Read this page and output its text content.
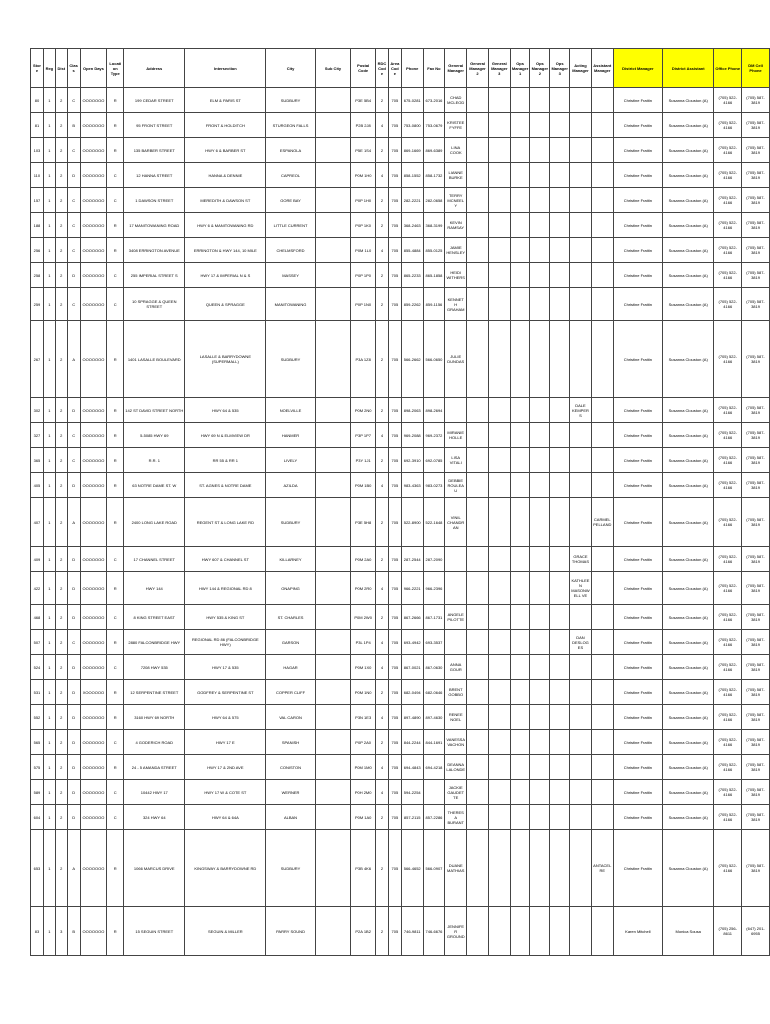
Store	Reg	Dist	Class	Open Days	Location Type	Address	Intersection	City	Sub City	Postal Code	RDC Code	Area Code	Phone	Fax No	General Manager	General Manager 2	General Manager 3	Ops Manager 1	Ops Manager 2	Ops Manager 3	Acting Manager	Assistant Manager	District Manager	District Assistant	Office Phone	DM Cell Phone
80	1	2	C	OOOOOOO	R	199 CEDAR STREET	ELM & PARIS ST	SUDBURY		P3E 5B4	2	705	675-0281	673-2016	CHAD MCLEOD								Christine Frattin	Susanna Clouston (A)	(705) 522-4166	(705) 587-3819
81	1	2	B	OOOOOOO	R	95 FRONT STREET	FRONT & HOLDITCH	STURGEON FALLS		P2B 2J8	4	705	753-0800	753-0679	KRISTEE FYFFE								Christine Frattin	Susanna Clouston (A)	(705) 522-4166	(705) 587-3819
103	1	2	C	OOOOOOO	R	135 BARBER STREET	HWY 6 & BARBER ST	ESPANOLA		P5E 1S4	2	705	869-1669	869-6389	LINA COOK								Christine Frattin	Susanna Clouston (A)	(705) 522-4166	(705) 587-3819
110	1	2	D	OOOOOOO	C	12 HANNA STREET	HANNA & DENNIE	CAPREOL		P0M 1H0	4	705	858-1552	858-1732	LIANNE BURKE								Christine Frattin	Susanna Clouston (A)	(705) 522-4166	(705) 587-3819
157	1	2	C	OOOOOOO	C	1 DAWSON STREET	MEREDITH & DAWSON ST	GORE BAY		P0P 1H0	2	705	282-2221	282-0658	TERRY MCNEELY								Christine Frattin	Susanna Clouston (A)	(705) 522-4166	(705) 587-3819
188	1	2	C	OOOOOOO	R	17 MANITOWANING ROAD	HWY 6 & MANITOWANING RD	LITTLE CURRENT		P0P 1K0	2	705	368-2463	368-3199	KEVIN RAMSAY								Christine Frattin	Susanna Clouston (A)	(705) 522-4166	(705) 587-3819
256	1	2	C	OOOOOOO	R	3408 ERRINGTON AVENUE	ERRINGTON & HWY 144, 10 MILE	CHELMSFORD		P0M 1L0	4	705	855-4884	855-0125	JAMIE HENSLEY								Christine Frattin	Susanna Clouston (A)	(705) 522-4166	(705) 587-3819
258	1	2	D	OOOOOOO	C	255 IMPERIAL STREET S	HWY 17 & IMPERIAL N & S	MASSEY		P0P 1P0	2	705	865-2233	865-1858	HEIDI WITHERS								Christine Frattin	Susanna Clouston (A)	(705) 522-4166	(705) 587-3819
259	1	2	C	OOOOOOO	C	10 SPRAGGE & QUEEN STREET	QUEEN & SPRAGGE	MANITOWANING		P0P 1N0	2	705	859-2262	859-1156	KENNETH GRAHAM								Christine Frattin	Susanna Clouston (A)	(705) 522-4166	(705) 587-3819
267	1	2	A	OOOOOOO	R	1401 LASALLE BOULEVARD	LASALLE & BARRYDOWNE (SUPERMALL)	SUDBURY		P3A 1Z8	2	705	566-2662	566-0650	JULIE DUNDAS								Christine Frattin	Susanna Clouston (A)	(705) 522-4166	(705) 587-3819
302	1	2	D	OOOOOOO	R	142 ST DAVID STREET NORTH	HWY 64 & 535	NOELVILLE		P0M 2N0	2	705	898-2063	898-2694							DALE KEMPERS		Christine Frattin	Susanna Clouston (A)	(705) 522-4166	(705) 587-3819
327	1	2	C	OOOOOOO	R	5-5085 HWY 69	HWY 69 N & ELMVIEW DR	HANMER		P3P 1P7	4	705	969-2088	969-2372	MIRANIE HOLLE								Christine Frattin	Susanna Clouston (A)	(705) 522-4166	(705) 587-3819
365	1	2	C	OOOOOOO	R	R.R. 1	RR 55 & RR 1	LIVELY		P3Y 1J1	2	705	692-3910	692-0785	LISA VITALI								Christine Frattin	Susanna Clouston (A)	(705) 522-4166	(705) 587-3819
405	1	2	D	OOOOOOO	R	63 NOTRE DAME ST. W	ST. AGNES & NOTRE DAME	AZILDA		P0M 1B0	4	705	983-4363	983-0273	DEBBIE ROULEAU								Christine Frattin	Susanna Clouston (A)	(705) 522-4166	(705) 587-3819
407	1	2	A	OOOOOOO	R	2400 LONG LAKE ROAD	REGENT ST & LONG LAKE RD	SUDBURY		P3E 5H8	2	705	522-8900	522-1648	VINIL CHANDRAN							CARMEL PELLAND	Christine Frattin	Susanna Clouston (A)	(705) 522-4166	(705) 587-3819
409	1	2	D	OOOOOOO	C	17 CHANNEL STREET	HWY 607 & CHANNEL ST	KILLARNEY		P0M 2A0	2	705	287-2544	287-2090							GRACE THOMAS		Christine Frattin	Susanna Clouston (A)	(705) 522-4166	(705) 587-3819
422	1	2	D	OOOOOOO	R	HWY 144	HWY 144 & REGIONAL RD 8	ONAPING		P0M 2R0	4	705	966-2221	966-2396							KATHLEEN MASONWELL VE		Christine Frattin	Susanna Clouston (A)	(705) 522-4166	(705) 587-3819
468	1	2	D	OOOOOOO	C	8 KING STREET EAST	HWY 535 & KING ST	ST. CHARLES		P0M 2W0	2	705	867-2666	867-1731	ANGELE PILOTTE								Christine Frattin	Susanna Clouston (A)	(705) 522-4166	(705) 587-3819
507	1	2	C	OOOOOOO	R	2880 FALCONBRIDGE HWY	REGIONAL RD 86 (FALCONBRIDGE HWY)	GARSON		P3L 1P4	4	705	693-4942	693-3537							DAN DESLOGES		Christine Frattin	Susanna Clouston (A)	(705) 522-4166	(705) 587-3819
524	1	2	D	OOOOOOO	C	7208 HWY 535	HWY 17 & 535	HAGAR		P0M 1X0	4	705	867-0021	867-0630	ANNA GOUR								Christine Frattin	Susanna Clouston (A)	(705) 522-4166	(705) 587-3819
531	1	2	D	XOOOOOO	R	12 SERPENTINE STREET	GODFREY & SERPENTINE ST	COPPER CLIFF		P0M 1N0	2	705	682-0494	682-0646	BRENT GOBBO								Christine Frattin	Susanna Clouston (A)	(705) 522-4166	(705) 587-3819
552	1	2	D	OOOOOOO	R	3160 HWY 69 NORTH	HWY 64 & 575	VAL CARON		P3N 1E3	4	705	897-4890	897-4630	RENEE NOEL								Christine Frattin	Susanna Clouston (A)	(705) 522-4166	(705) 587-3819
565	1	2	D	OOOOOOO	C	4 GODERICH ROAD	HWY 17 E	SPANISH		P0P 2A0	2	705	844-2244	844-1691	VANESSA VACHON								Christine Frattin	Susanna Clouston (A)	(705) 522-4166	(705) 587-3819
575	1	2	D	OOOOOOO	R	24 - 5 AMANDA STREET	HWY 17 & 2ND AVE	CONISTON		P0M 1M0	4	705	694-4843	694-4218	DEANNA LALONDE								Christine Frattin	Susanna Clouston (A)	(705) 522-4166	(705) 587-3819
589	1	2	D	OOOOOOO	C	10442 HWY 17	HWY 17 W & COTE ST	WERNER		P0H 2M0	4	705	594-2254		JACKIE GAUDETTE								Christine Frattin	Susanna Clouston (A)	(705) 522-4166	(705) 587-3819
604	1	2	D	OOOOOOO	C	324 HWY 64	HWY 64 & 64A	ALBAN		P0M 1A0	2	705	857-2115	857-2286	THERESA BURANT								Christine Frattin	Susanna Clouston (A)	(705) 522-4166	(705) 587-3819
653	1	2	A	OOOOOOO	R	1066 MARCUS DRIVE	KINGSWAY & BARRYDOWNE RD	SUDBURY		P3B 4K6	2	705	566-4652	566-0907	DUANE MATHIAS							ANTACEL RE	Christine Frattin	Susanna Clouston (A)	(705) 522-4166	(705) 587-3819
83	1	3	B	OOOOOOO	R	15 SEGUIN STREET	SEGUIN & MILLER	PARRY SOUND		P2A 1B2	2	705	746-9811	746-6676	JENNIFER GROUND								Karen Mitchell	Monica Sousa	(705) 256-8611	(647) 201-6955
